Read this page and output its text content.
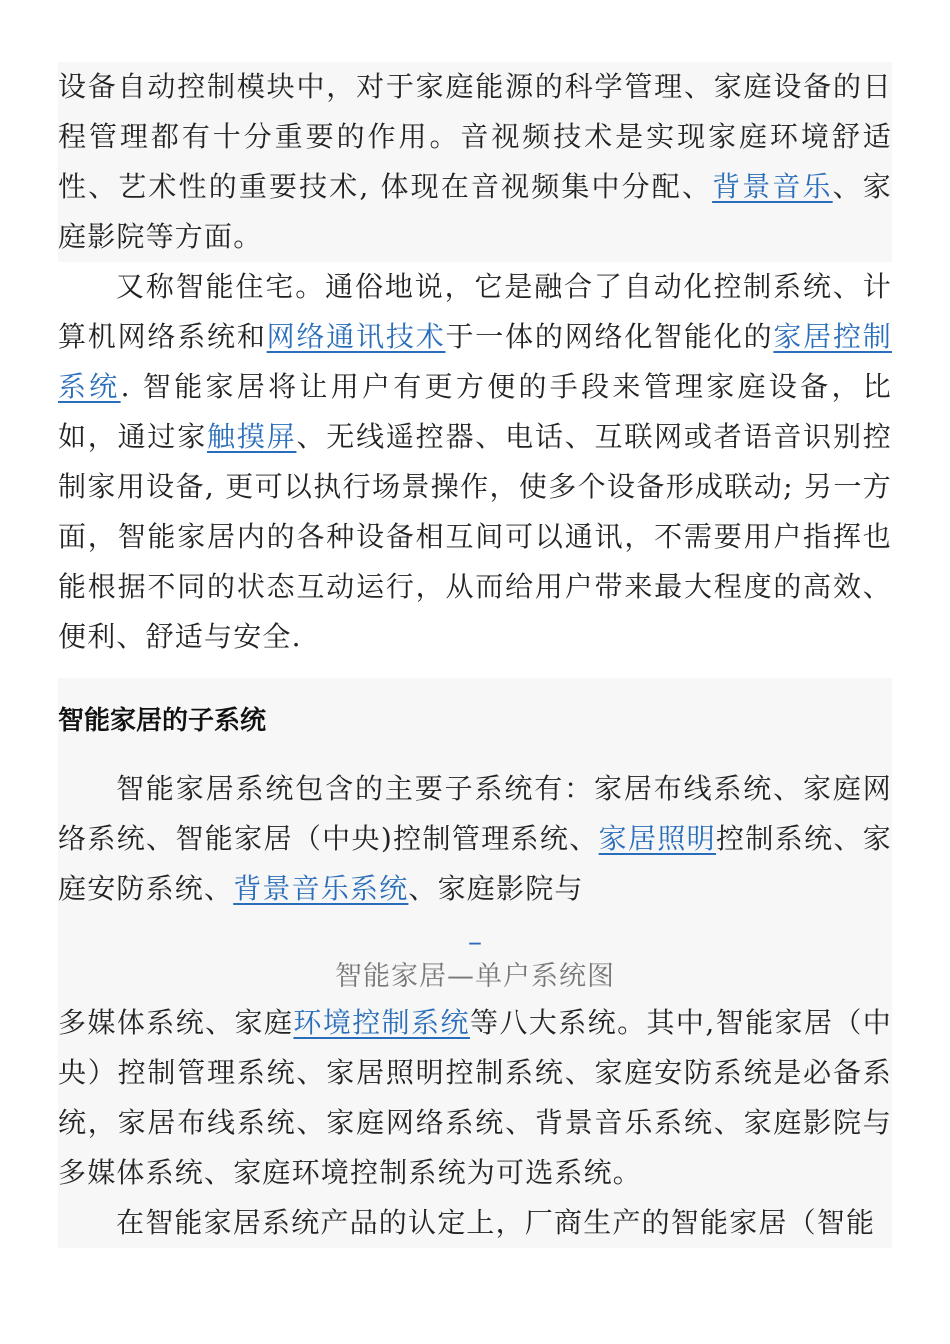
设备自动控制模块中，对于家庭能源的科学管理、家庭设备的日程管理都有十分重要的作用。音视频技术是实现家庭环境舒适性、艺术性的重要技术, 体现在音视频集中分配、背景音乐、家庭影院等方面。

又称智能住宅。通俗地说，它是融合了自动化控制系统、计算机网络系统和网络通讯技术于一体的网络化智能化的家居控制系统. 智能家居将让用户有更方便的手段来管理家庭设备，比如，通过家触摸屏、无线遥控器、电话、互联网或者语音识别控制家用设备, 更可以执行场景操作，使多个设备形成联动; 另一方面，智能家居内的各种设备相互间可以通讯，不需要用户指挥也能根据不同的状态互动运行，从而给用户带来最大程度的高效、便利、舒适与安全.

智能家居的子系统

智能家居系统包含的主要子系统有：家居布线系统、家庭网络系统、智能家居（中央)控制管理系统、家居照明控制系统、家庭安防系统、背景音乐系统、家庭影院与

–
智能家居—单户系统图

多媒体系统、家庭环境控制系统等八大系统。其中,智能家居（中央）控制管理系统、家居照明控制系统、家庭安防系统是必备系统，家居布线系统、家庭网络系统、背景音乐系统、家庭影院与多媒体系统、家庭环境控制系统为可选系统。

在智能家居系统产品的认定上，厂商生产的智能家居（智能
